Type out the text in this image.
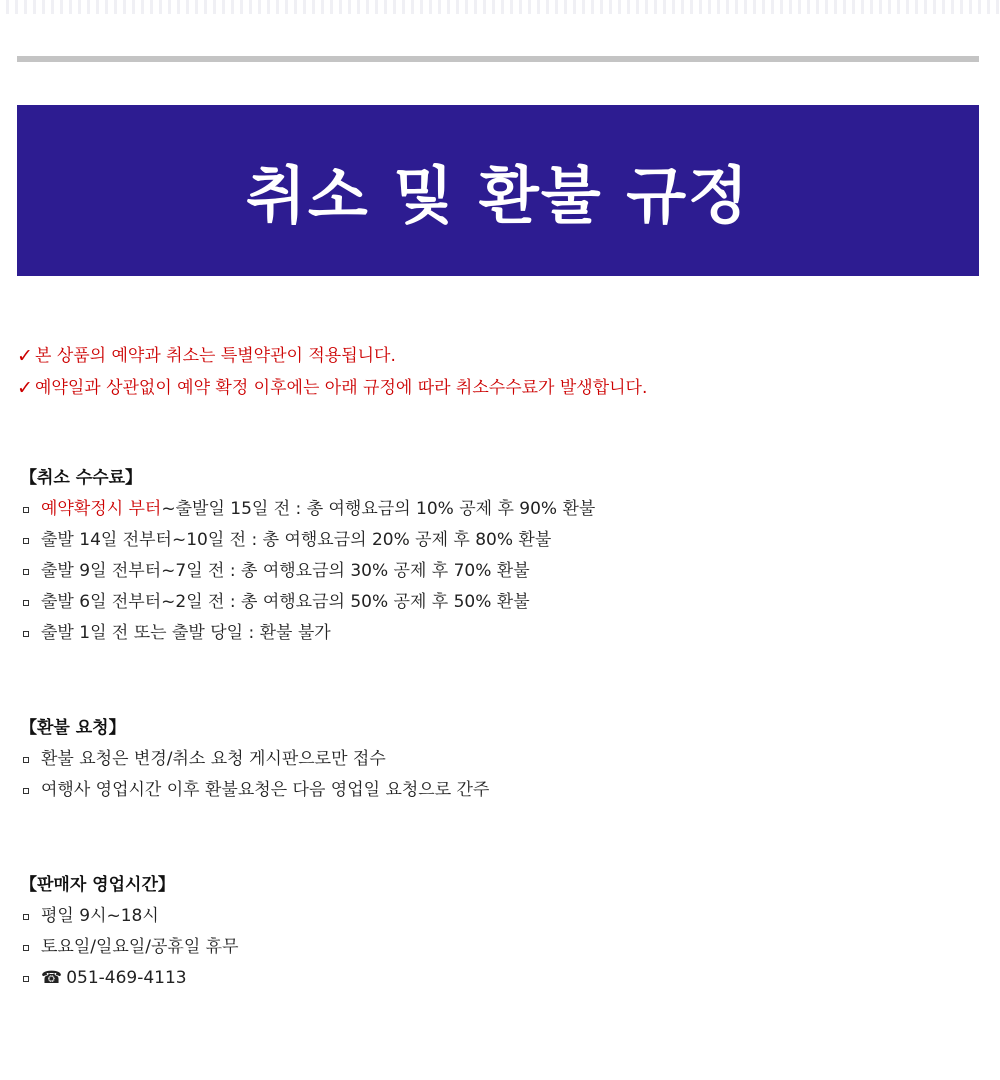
취소 및 환불 규정
✓ 본 상품의 예약과 취소는 특별약관이 적용됩니다.
✓ 예약일과 상관없이 예약 확정 이후에는 아래 규정에 따라 취소수수료가 발생합니다.
【취소 수수료】
예약확정시 부터 ~출발일 15일 전 : 총 여행요금의 10% 공제 후 90% 환불
출발 14일 전부터~10일 전 : 총 여행요금의 20% 공제 후 80% 환불
출발 9일 전부터~7일 전 : 총 여행요금의 30% 공제 후 70% 환불
출발 6일 전부터~2일 전 : 총 여행요금의 50% 공제 후 50% 환불
출발 1일 전 또는 출발 당일 : 환불 불가
【환불 요청】
환불 요청은 변경/취소 요청 게시판으로만 접수
여행사 영업시간 이후 환불요청은 다음 영업일 요청으로 간주
【판매자 영업시간】
평일 9시~18시
토요일/일요일/공휴일 휴무
☎ 051-469-4113
